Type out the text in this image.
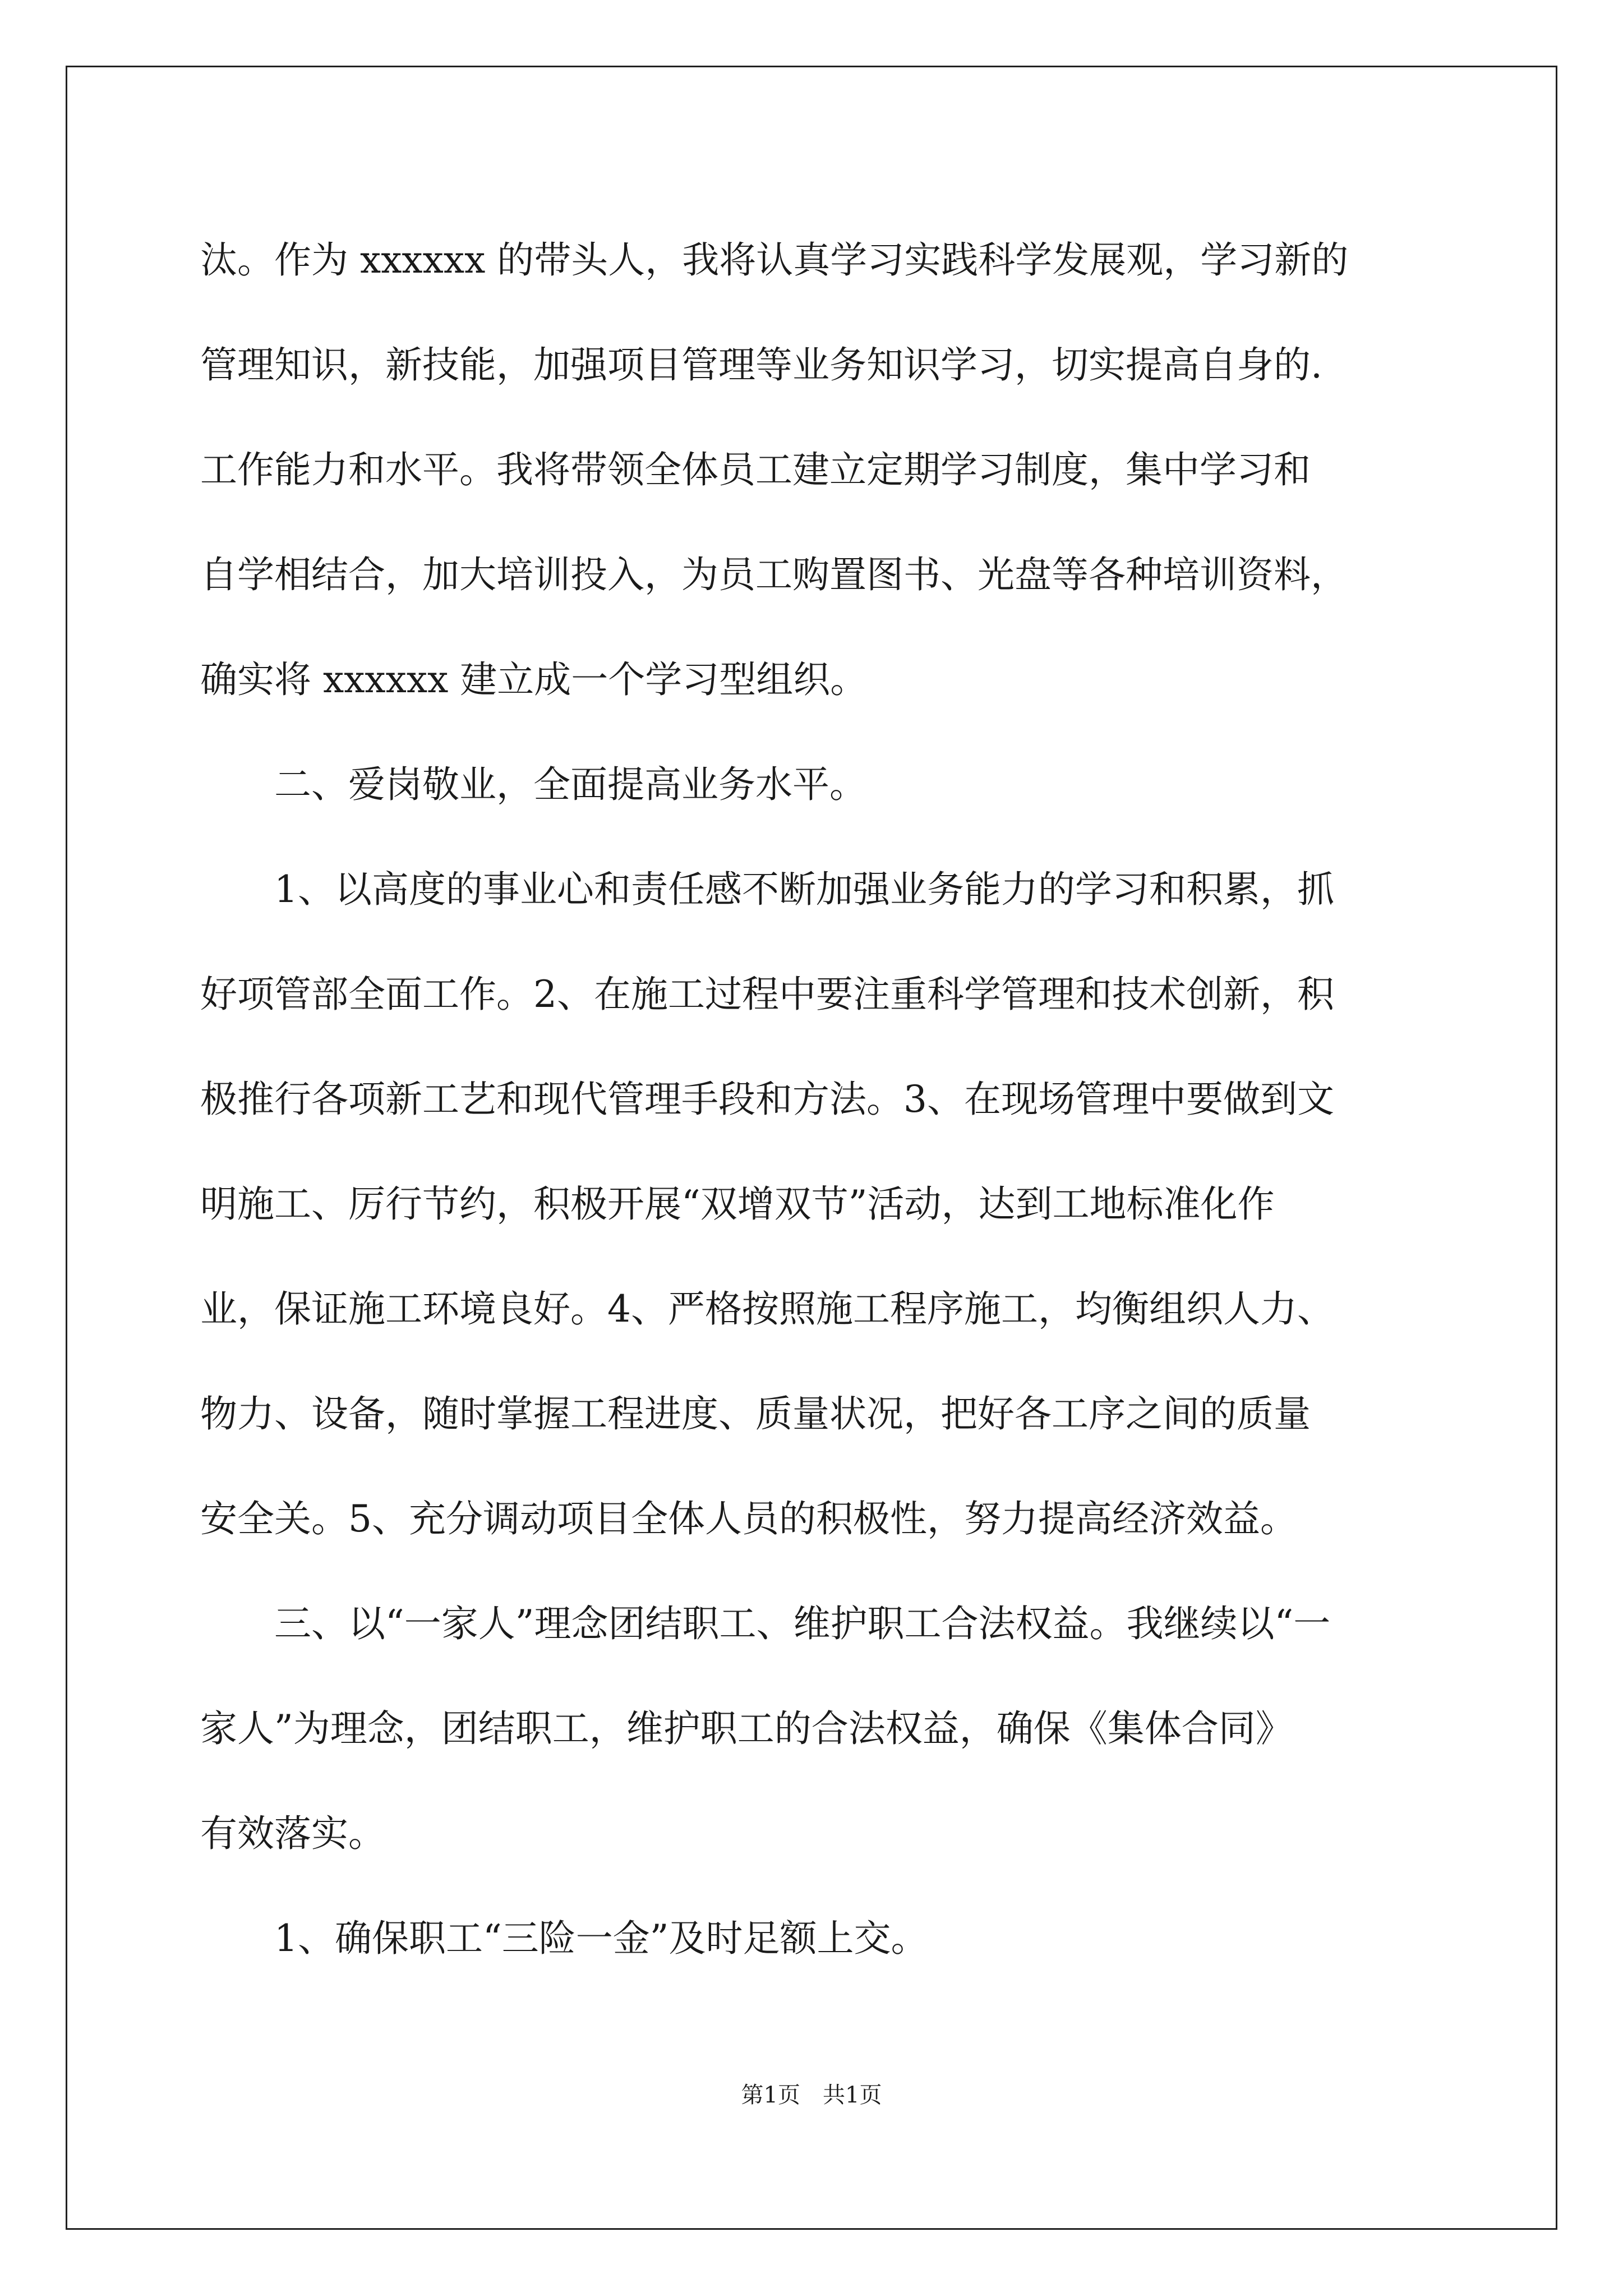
汰。作为 xxxxxx 的带头人，我将认真学习实践科学发展观，学习新的
管理知识，新技能，加强项目管理等业务知识学习，切实提高自身的.
工作能力和水平。我将带领全体员工建立定期学习制度，集中学习和
自学相结合，加大培训投入，为员工购置图书、光盘等各种培训资料，
确实将 xxxxxx 建立成一个学习型组织。
　　二、爱岗敬业，全面提高业务水平。
　　1、以高度的事业心和责任感不断加强业务能力的学习和积累，抓
好项管部全面工作。2、在施工过程中要注重科学管理和技术创新，积
极推行各项新工艺和现代管理手段和方法。3、在现场管理中要做到文
明施工、厉行节约，积极开展“双增双节”活动，达到工地标准化作
业，保证施工环境良好。4、严格按照施工程序施工，均衡组织人力、
物力、设备，随时掌握工程进度、质量状况，把好各工序之间的质量
安全关。5、充分调动项目全体人员的积极性，努力提高经济效益。
　　三、以“一家人”理念团结职工、维护职工合法权益。我继续以“一
家人”为理念，团结职工，维护职工的合法权益，确保《集体合同》
有效落实。
　　1、确保职工“三险一金”及时足额上交。
第1页　共1页
